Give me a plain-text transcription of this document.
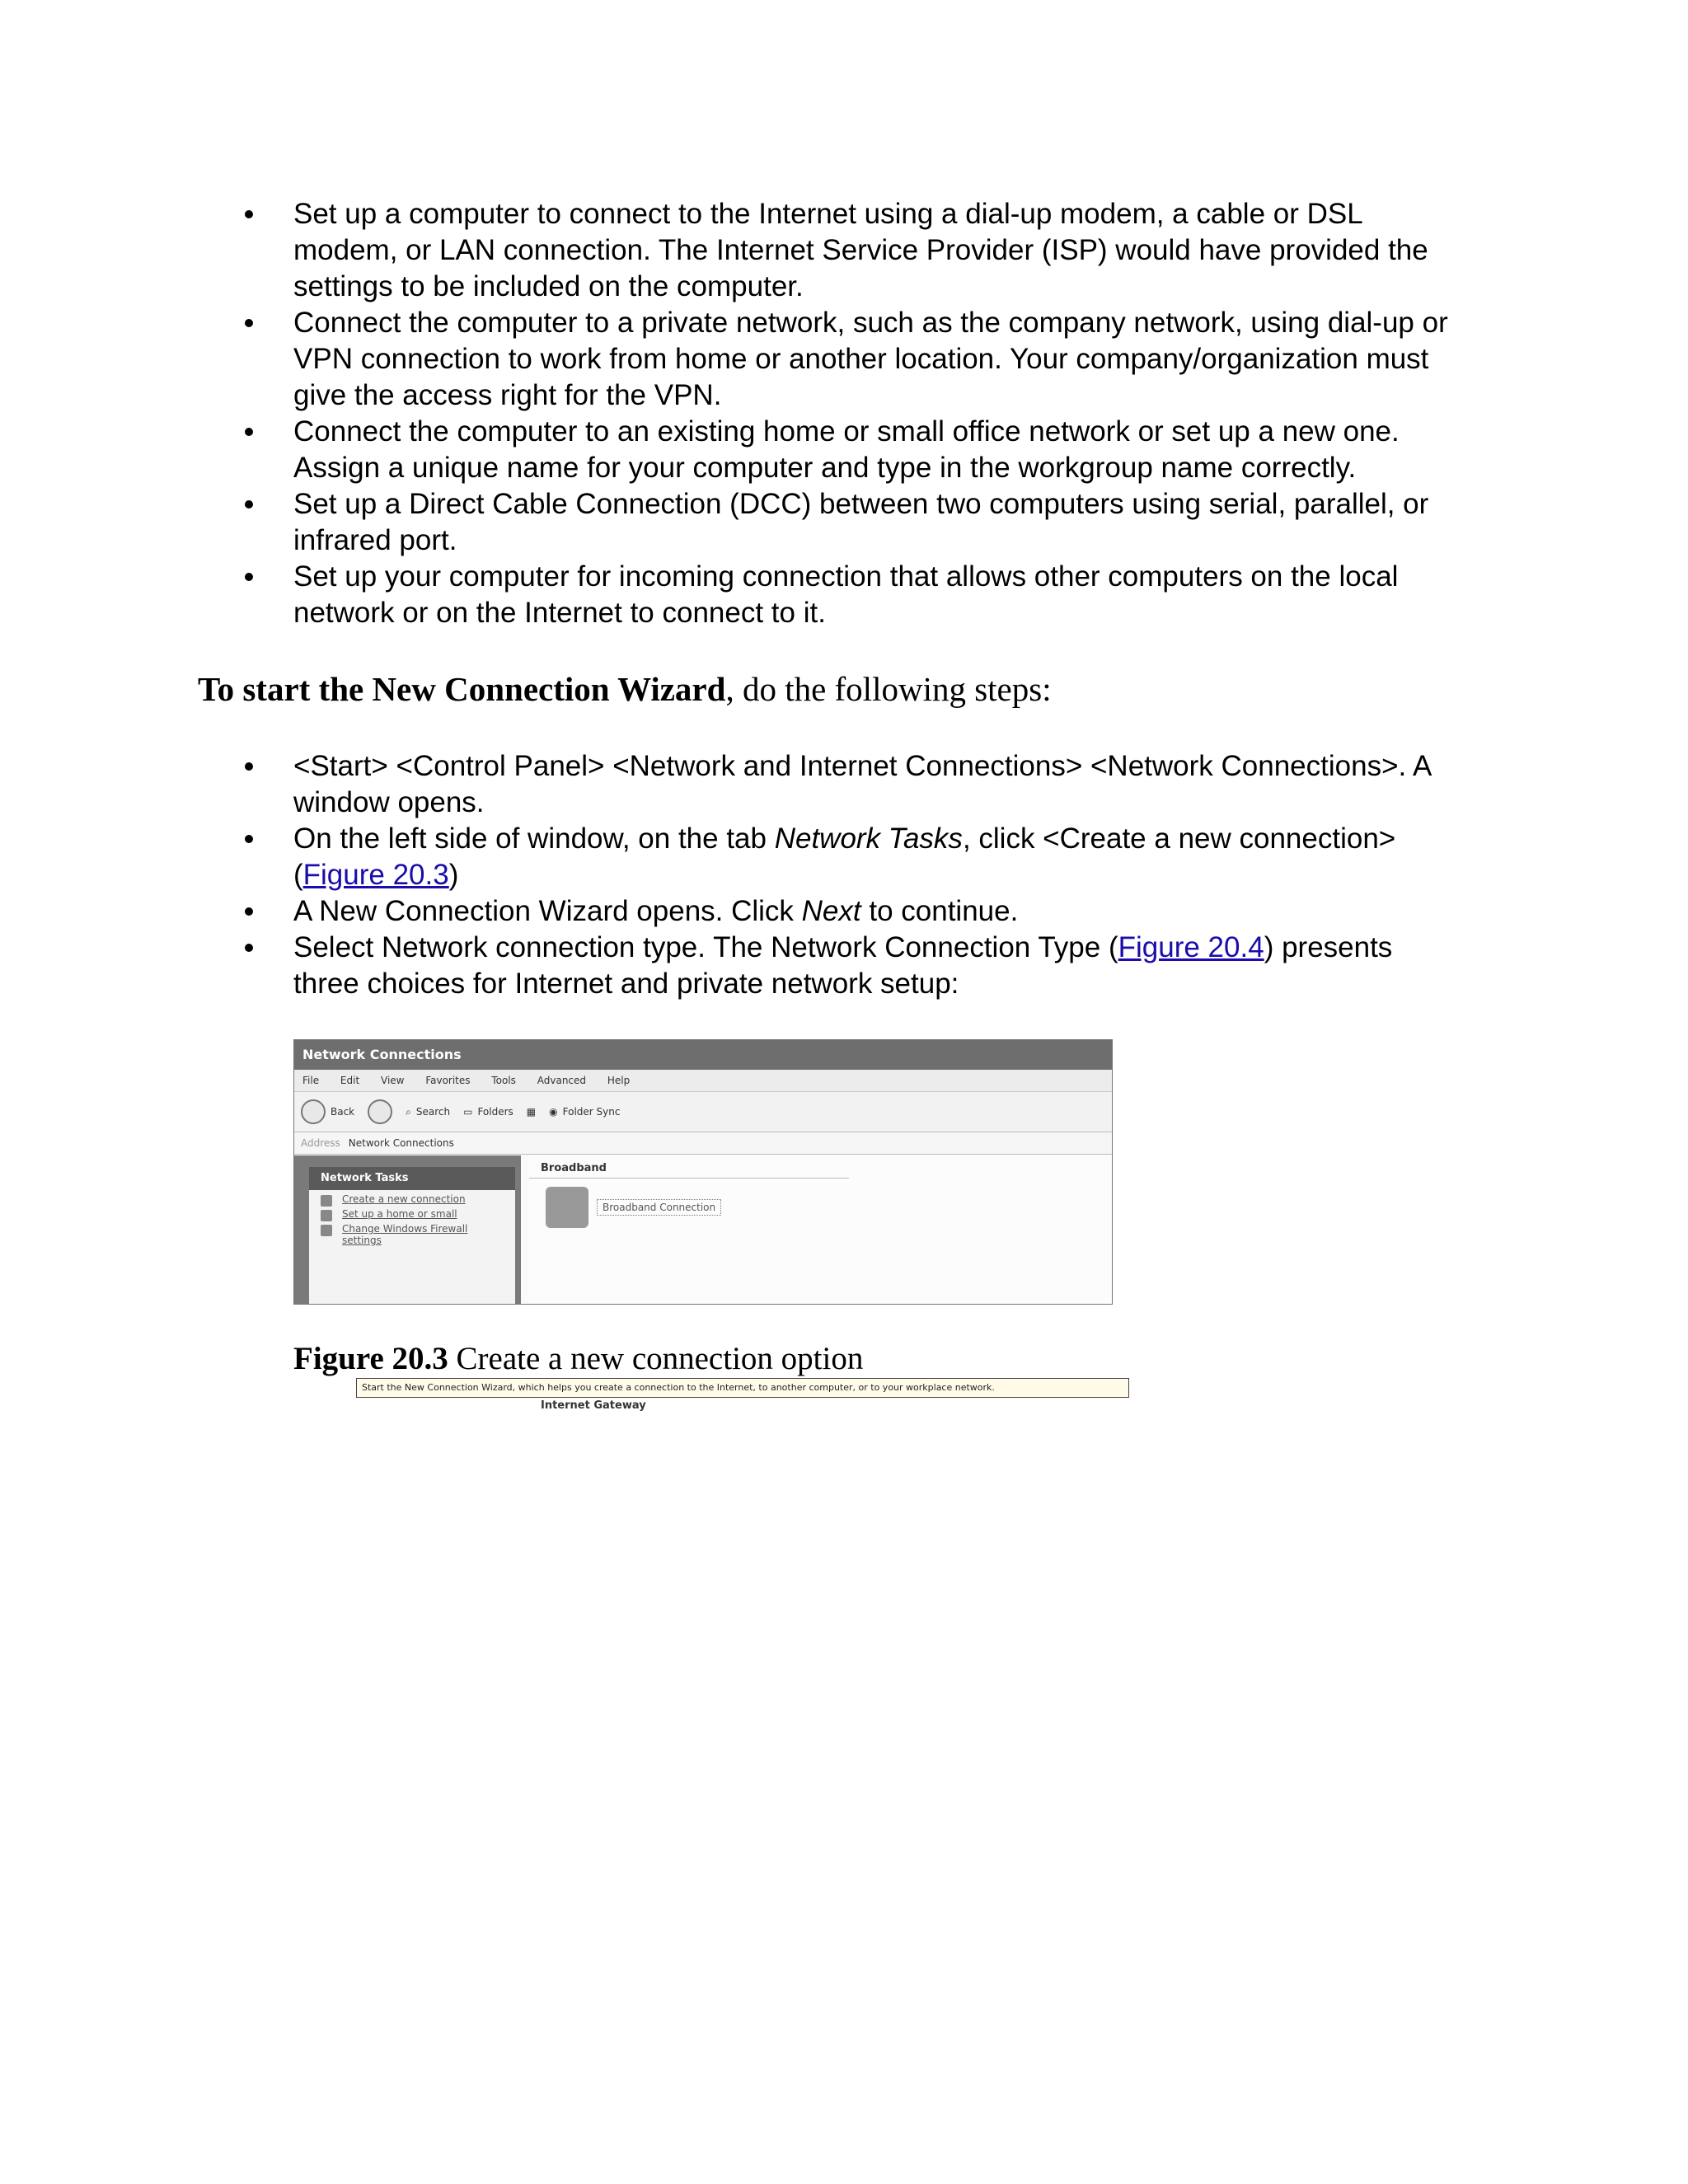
Set up a computer to connect to the Internet using a dial-up modem, a cable or DSL modem, or LAN connection. The Internet Service Provider (ISP) would have provided the settings to be included on the computer.
Connect the computer to a private network, such as the company network, using dial-up or VPN connection to work from home or another location. Your company/organization must give the access right for the VPN.
Connect the computer to an existing home or small office network or set up a new one. Assign a unique name for your computer and type in the workgroup name correctly.
Set up a Direct Cable Connection (DCC) between two computers using serial, parallel, or infrared port.
Set up your computer for incoming connection that allows other computers on the local network or on the Internet to connect to it.
To start the New Connection Wizard, do the following steps:
<Start> <Control Panel> <Network and Internet Connections> <Network Connections>. A window opens.
On the left side of window, on the tab Network Tasks, click <Create a new connection> (Figure 20.3)
A New Connection Wizard opens. Click Next to continue.
Select Network connection type. The Network Connection Type (Figure 20.4) presents three choices for Internet and private network setup:
Network Connections
File Edit View Favorites Tools Advanced Help
Back	⌕ Search ▭ Folders ▦ ◉ Folder Sync
Address Network Connections
Network Tasks
Create a new connection
Set up a home or small
Change Windows Firewall settings
Broadband
Broadband Connection
Start the New Connection Wizard, which helps you create a connection to the Internet, to another computer, or to your workplace network.
Internet Gateway
Figure 20.3 Create a new connection option
